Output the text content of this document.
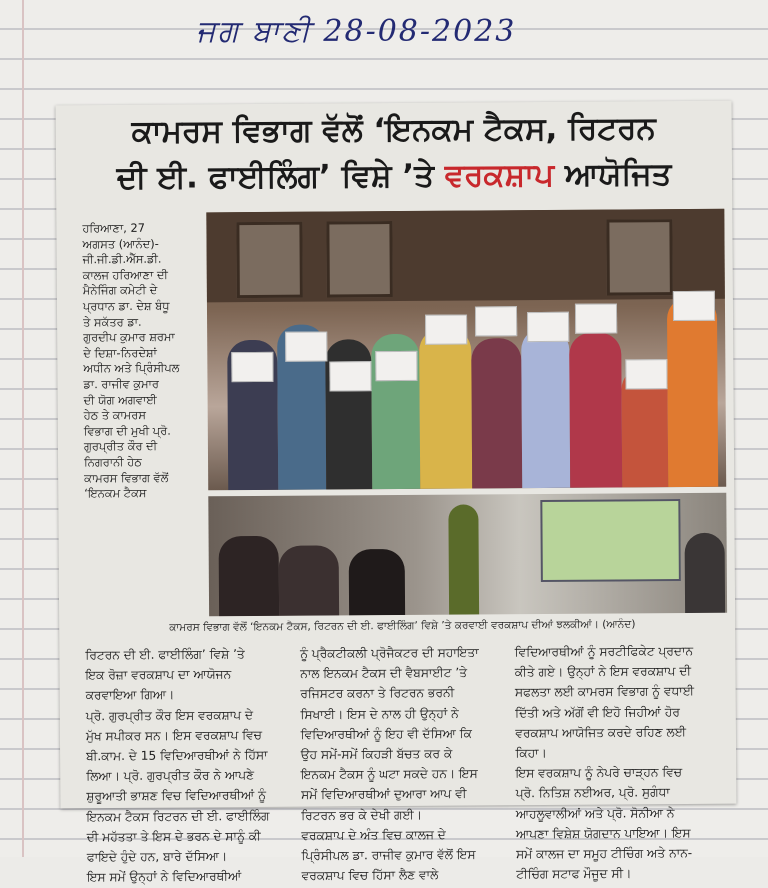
ਜਗ ਬਾਣੀ 28-08-2023
ਕਾਮਰਸ ਵਿਭਾਗ ਵੱਲੋਂ ‘ਇਨਕਮ ਟੈਕਸ, ਰਿਟਰਨ
ਦੀ ਈ. ਫਾਈਲਿੰਗ’ ਵਿਸ਼ੇ ’ਤੇ ਵਰਕਸ਼ਾਪ ਆਯੋਜਿਤ
ਹਰਿਆਣਾ, 27
ਅਗਸਤ (ਆਨੰਦ)-
ਜੀ.ਜੀ.ਡੀ.ਐੱਸ.ਡੀ.
ਕਾਲਜ ਹਰਿਆਣਾ ਦੀ
ਮੈਨੇਜਿੰਗ ਕਮੇਟੀ ਦੇ
ਪ੍ਰਧਾਨ ਡਾ. ਦੇਸ਼ ਬੰਧੂ
ਤੇ ਸਕੱਤਰ ਡਾ.
ਗੁਰਦੀਪ ਕੁਮਾਰ ਸ਼ਰਮਾ
ਦੇ ਦਿਸ਼ਾ-ਨਿਰਦੇਸ਼ਾਂ
ਅਧੀਨ ਅਤੇ ਪ੍ਰਿੰਸੀਪਲ
ਡਾ. ਰਾਜੀਵ ਕੁਮਾਰ
ਦੀ ਯੋਗ ਅਗਵਾਈ
ਹੇਠ ਤੇ ਕਾਮਰਸ
ਵਿਭਾਗ ਦੀ ਮੁਖੀ ਪ੍ਰੋ.
ਗੁਰਪ੍ਰੀਤ ਕੌਰ ਦੀ
ਨਿਗਰਾਨੀ ਹੇਠ
ਕਾਮਰਸ ਵਿਭਾਗ ਵੱਲੋਂ
‘ਇਨਕਮ ਟੈਕਸ
ਕਾਮਰਸ ਵਿਭਾਗ ਵੱਲੋਂ ‘ਇਨਕਮ ਟੈਕਸ, ਰਿਟਰਨ ਦੀ ਈ. ਫਾਈਲਿੰਗ’ ਵਿਸ਼ੇ ’ਤੇ ਕਰਵਾਈ ਵਰਕਸ਼ਾਪ ਦੀਆਂ ਝਲਕੀਆਂ। (ਆਨੰਦ)
ਰਿਟਰਨ ਦੀ ਈ. ਫਾਈਲਿੰਗ’ ਵਿਸ਼ੇ ’ਤੇ
ਇਕ ਰੋਜ਼ਾ ਵਰਕਸ਼ਾਪ ਦਾ ਆਯੋਜਨ
ਕਰਵਾਇਆ ਗਿਆ।
ਪ੍ਰੋ. ਗੁਰਪ੍ਰੀਤ ਕੌਰ ਇਸ ਵਰਕਸ਼ਾਪ ਦੇ
ਮੁੱਖ ਸਪੀਕਰ ਸਨ। ਇਸ ਵਰਕਸ਼ਾਪ ਵਿਚ
ਬੀ.ਕਾਮ. ਦੇ 15 ਵਿਦਿਆਰਥੀਆਂ ਨੇ ਹਿੱਸਾ
ਲਿਆ। ਪ੍ਰੋ. ਗੁਰਪ੍ਰੀਤ ਕੌਰ ਨੇ ਆਪਣੇ
ਸ਼ੁਰੂਆਤੀ ਭਾਸ਼ਣ ਵਿਚ ਵਿਦਿਆਰਥੀਆਂ ਨੂੰ
ਇਨਕਮ ਟੈਕਸ ਰਿਟਰਨ ਦੀ ਈ. ਫਾਈਲਿੰਗ
ਦੀ ਮਹੱਤਤਾ ਤੇ ਇਸ ਦੇ ਭਰਨ ਦੇ ਸਾਨੂੰ ਕੀ
ਫਾਇਦੇ ਹੁੰਦੇ ਹਨ, ਬਾਰੇ ਦੱਸਿਆ।
ਇਸ ਸਮੇਂ ਉਨ੍ਹਾਂ ਨੇ ਵਿਦਿਆਰਥੀਆਂ
ਨੂੰ ਪ੍ਰੈਕਟੀਕਲੀ ਪ੍ਰੋਜੈਕਟਰ ਦੀ ਸਹਾਇਤਾ
ਨਾਲ ਇਨਕਮ ਟੈਕਸ ਦੀ ਵੈਬਸਾਈਟ ’ਤੇ
ਰਜਿਸਟਰ ਕਰਨਾ ਤੇ ਰਿਟਰਨ ਭਰਨੀ
ਸਿਖਾਈ। ਇਸ ਦੇ ਨਾਲ ਹੀ ਉਨ੍ਹਾਂ ਨੇ
ਵਿਦਿਆਰਥੀਆਂ ਨੂੰ ਇਹ ਵੀ ਦੱਸਿਆ ਕਿ
ਉਹ ਸਮੇਂ-ਸਮੇਂ ਕਿਹੜੀ ਬੱਚਤ ਕਰ ਕੇ
ਇਨਕਮ ਟੈਕਸ ਨੂੰ ਘਟਾ ਸਕਦੇ ਹਨ। ਇਸ
ਸਮੇਂ ਵਿਦਿਆਰਥੀਆਂ ਦੁਆਰਾ ਆਪ ਵੀ
ਰਿਟਰਨ ਭਰ ਕੇ ਦੇਖੀ ਗਈ।
ਵਰਕਸ਼ਾਪ ਦੇ ਅੰਤ ਵਿਚ ਕਾਲਜ ਦੇ
ਪ੍ਰਿੰਸੀਪਲ ਡਾ. ਰਾਜੀਵ ਕੁਮਾਰ ਵੱਲੋਂ ਇਸ
ਵਰਕਸ਼ਾਪ ਵਿਚ ਹਿੱਸਾ ਲੈਣ ਵਾਲੇ
ਵਿਦਿਆਰਥੀਆਂ ਨੂੰ ਸਰਟੀਫਿਕੇਟ ਪ੍ਰਦਾਨ
ਕੀਤੇ ਗਏ। ਉਨ੍ਹਾਂ ਨੇ ਇਸ ਵਰਕਸ਼ਾਪ ਦੀ
ਸਫਲਤਾ ਲਈ ਕਾਮਰਸ ਵਿਭਾਗ ਨੂੰ ਵਧਾਈ
ਦਿੱਤੀ ਅਤੇ ਅੱਗੋਂ ਵੀ ਇਹੋ ਜਿਹੀਆਂ ਹੋਰ
ਵਰਕਸ਼ਾਪ ਆਯੋਜਿਤ ਕਰਦੇ ਰਹਿਣ ਲਈ
ਕਿਹਾ।
ਇਸ ਵਰਕਸ਼ਾਪ ਨੂੰ ਨੇਪਰੇ ਚਾੜ੍ਹਨ ਵਿਚ
ਪ੍ਰੋ. ਨਿਤਿਸ਼ ਨਈਅਰ, ਪ੍ਰੋ. ਸੁਗੰਧਾ
ਆਹਲੂਵਾਲੀਆਂ ਅਤੇ ਪ੍ਰੋ. ਸੋਨੀਆ ਨੇ
ਆਪਣਾ ਵਿਸ਼ੇਸ਼ ਯੋਗਦਾਨ ਪਾਇਆ। ਇਸ
ਸਮੇਂ ਕਾਲਜ ਦਾ ਸਮੂਹ ਟੀਚਿੰਗ ਅਤੇ ਨਾਨ-
ਟੀਚਿੰਗ ਸਟਾਫ ਮੌਜੂਦ ਸੀ।
